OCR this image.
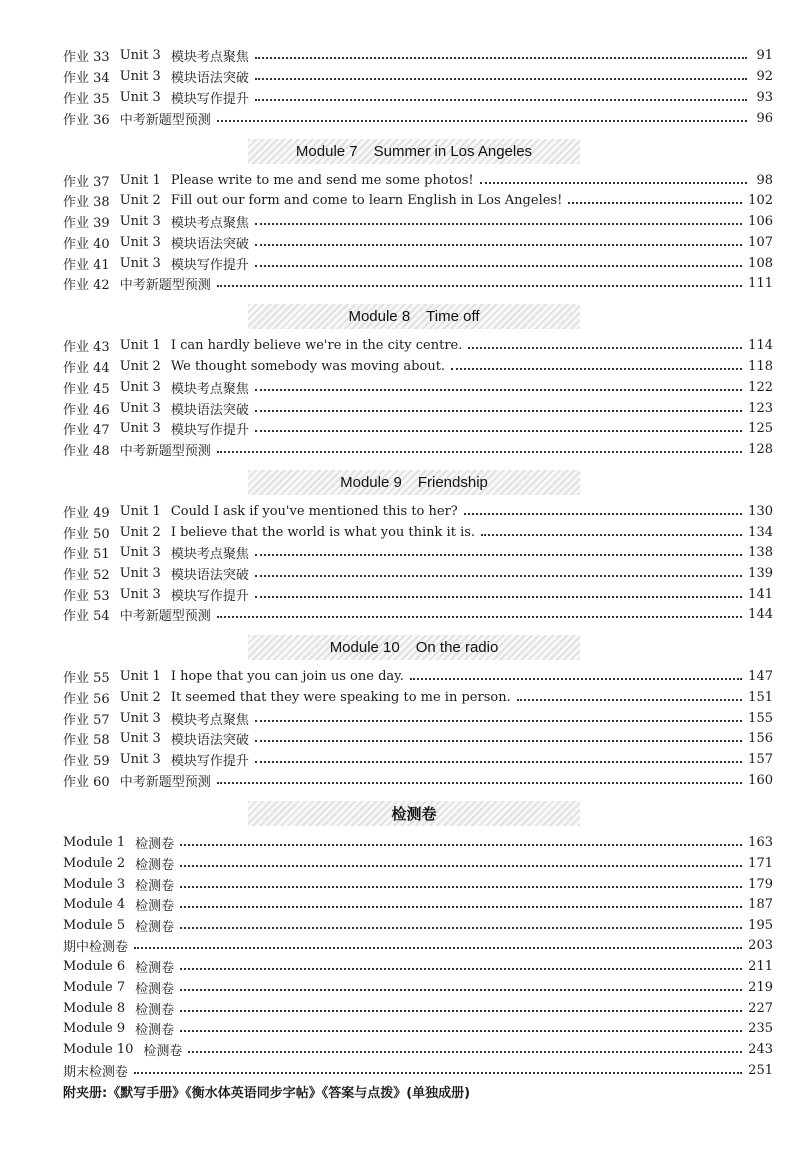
作业 33 Unit 3 模块考点聚焦	91
作业 34 Unit 3 模块语法突破	92
作业 35 Unit 3 模块写作提升	93
作业 36 中考新题型预测	96
Module 7 Summer in Los Angeles
作业 37 Unit 1 Please write to me and send me some photos!	98
作业 38 Unit 2 Fill out our form and come to learn English in Los Angeles!	102
作业 39 Unit 3 模块考点聚焦	106
作业 40 Unit 3 模块语法突破	107
作业 41 Unit 3 模块写作提升	108
作业 42 中考新题型预测	111
Module 8 Time off
作业 43 Unit 1 I can hardly believe we're in the city centre.	114
作业 44 Unit 2 We thought somebody was moving about.	118
作业 45 Unit 3 模块考点聚焦	122
作业 46 Unit 3 模块语法突破	123
作业 47 Unit 3 模块写作提升	125
作业 48 中考新题型预测	128
Module 9 Friendship
作业 49 Unit 1 Could I ask if you've mentioned this to her?	130
作业 50 Unit 2 I believe that the world is what you think it is.	134
作业 51 Unit 3 模块考点聚焦	138
作业 52 Unit 3 模块语法突破	139
作业 53 Unit 3 模块写作提升	141
作业 54 中考新题型预测	144
Module 10 On the radio
作业 55 Unit 1 I hope that you can join us one day.	147
作业 56 Unit 2 It seemed that they were speaking to me in person.	151
作业 57 Unit 3 模块考点聚焦	155
作业 58 Unit 3 模块语法突破	156
作业 59 Unit 3 模块写作提升	157
作业 60 中考新题型预测	160
检测卷
Module 1 检测卷	163
Module 2 检测卷	171
Module 3 检测卷	179
Module 4 检测卷	187
Module 5 检测卷	195
期中检测卷	203
Module 6 检测卷	211
Module 7 检测卷	219
Module 8 检测卷	227
Module 9 检测卷	235
Module 10 检测卷	243
期末检测卷	251
附夹册:《默写手册》《衡水体英语同步字帖》《答案与点拨》(单独成册)
